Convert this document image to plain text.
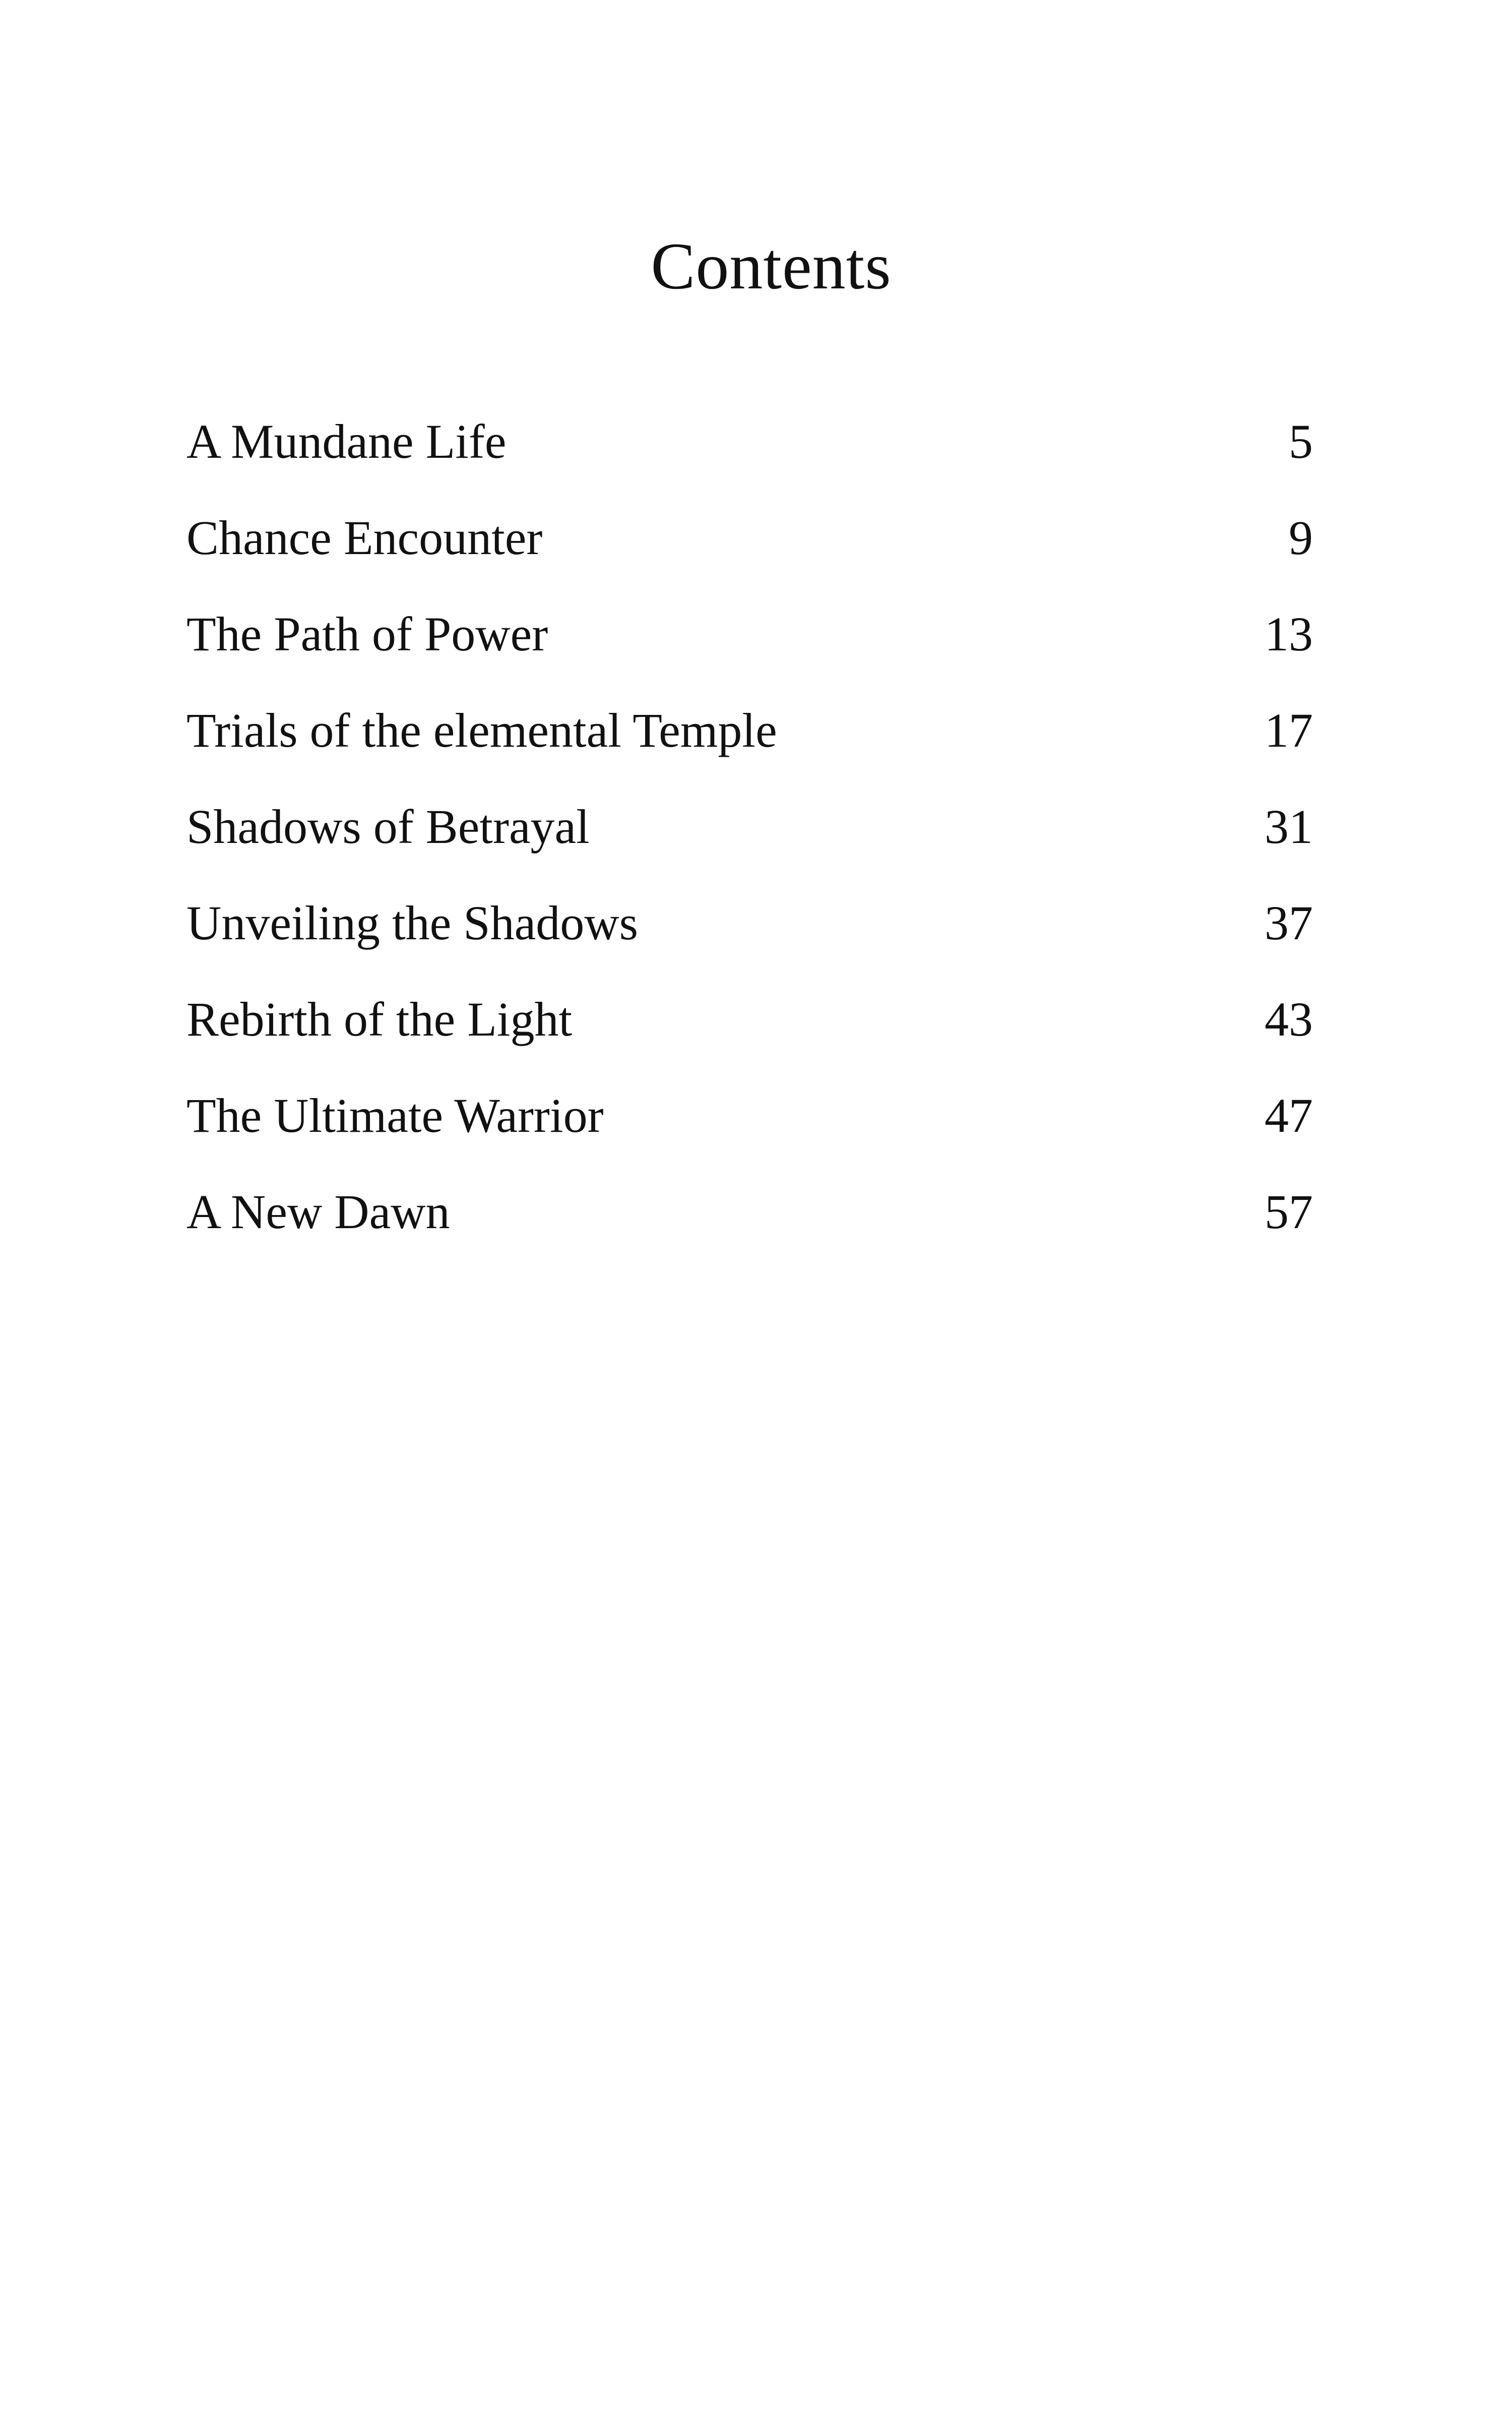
Contents
A Mundane Life	5
Chance Encounter	9
The Path of Power	13
Trials of the elemental Temple	17
Shadows of Betrayal	31
Unveiling the Shadows	37
Rebirth of the Light	43
The Ultimate Warrior	47
A New Dawn	57
